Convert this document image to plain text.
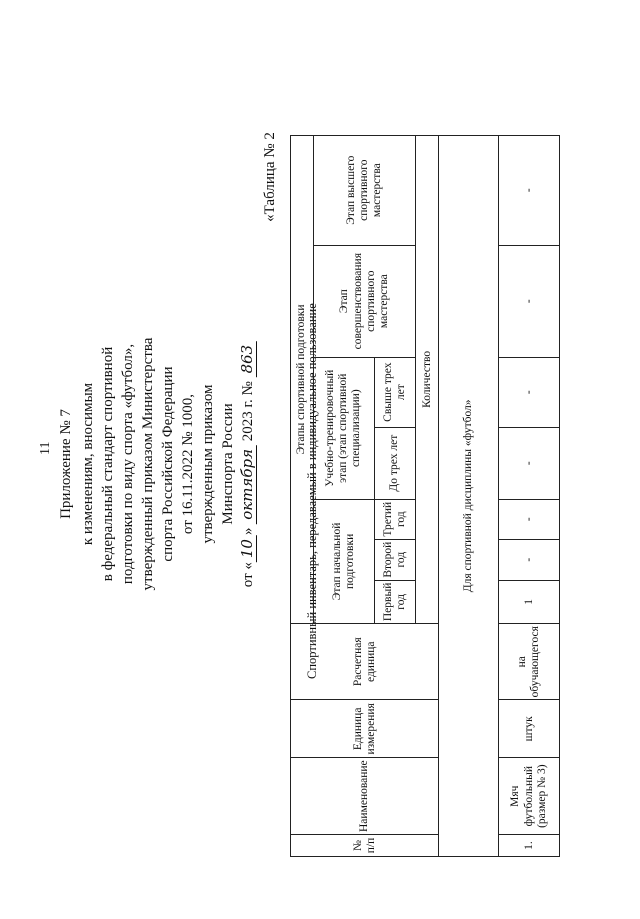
11 Приложение № 7 к изменениям, вносимым в федеральный стандарт спортивной подготовки по виду спорта «футбол», утвержденный приказом Министерства спорта Российской Федерации от 16.11.2022 № 1000, утвержденным приказом Минспорта России
от «10» октября 2023 г. № 863
«Таблица № 2
Спортивный инвентарь, передаваемый в индивидуальное пользование
№ п/п	Наименование	Единица измерения	Расчетная единица	Этапы спортивной подготовки							
				Этап начальной подготовки			Учебно-тренировочный этап (этап спортивной специализации)		Этап совершенствования спортивного мастерства	Этап высшего спортивного мастерства	
				Первый год	Второй год	Третий год	До трех лет	Свыше трех лет			
				Количество							
Для спортивной дисциплины «футбол»											
1.	Мяч футбольный (размер № 3)	штук	на обучающегося	1	-	-	-	-	-	-	
